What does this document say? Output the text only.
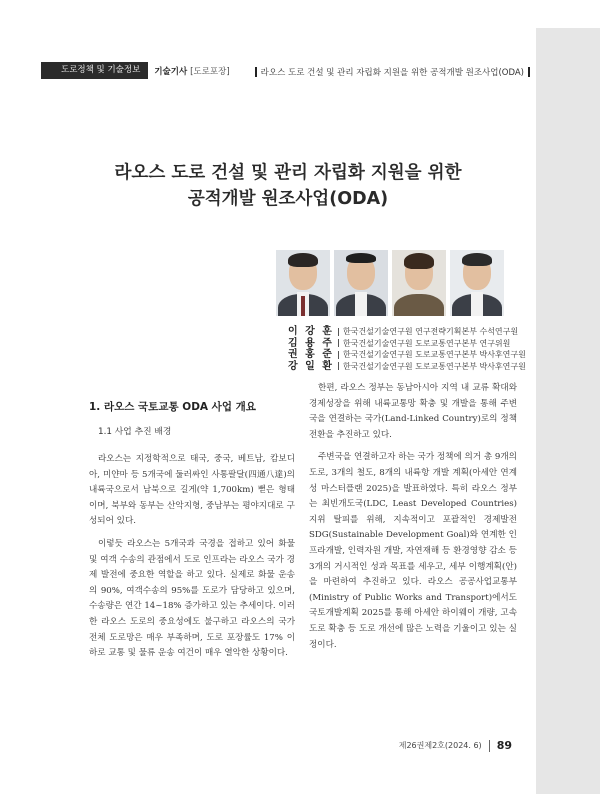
도로정책 및 기술정보	기술기사 [도로포장]	라오스 도로 건설 및 관리 자립화 지원을 위한 공적개발 원조사업(ODA)
라오스 도로 건설 및 관리 자립화 지원을 위한
공적개발 원조사업(ODA)
이 강 훈	한국건설기술연구원 연구전략기획본부 수석연구원
김 용 주	한국건설기술연구원 도로교통연구본부 연구위원
권 홍 준	한국건설기술연구원 도로교통연구본부 박사후연구원
강 일 환	한국건설기술연구원 도로교통연구본부 박사후연구원
1. 라오스 국토교통 ODA 사업 개요
1.1 사업 추진 배경

라오스는 지정학적으로 태국, 중국, 베트남, 캄보디아, 미얀마 등 5개국에 둘러싸인 사통팔달(四通八達)의 내륙국으로서 남북으로 길게(약 1,700km) 뻗은 형태이며, 북부와 동부는 산악지형, 중남부는 평야지대로 구성되어 있다.

이렇듯 라오스는 5개국과 국경을 접하고 있어 화물 및 여객 수송의 관점에서 도로 인프라는 라오스 국가 경제 발전에 중요한 역할을 하고 있다. 실제로 화물 운송의 90%, 여객수송의 95%를 도로가 담당하고 있으며, 수송량은 연간 14~18% 증가하고 있는 추세이다. 이러한 라오스 도로의 중요성에도 불구하고 라오스의 국가 전체 도로망은 매우 부족하며, 도로 포장률도 17% 이하로 교통 및 물류 운송 여건이 매우 열악한 상황이다.

한편, 라오스 정부는 동남아시아 지역 내 교류 확대와 경제성장을 위해 내륙교통망 확충 및 개발을 통해 주변국을 연결하는 국가(Land-Linked Country)로의 정책전환을 추진하고 있다.

주변국을 연결하고자 하는 국가 정책에 의거 총 9개의 도로, 3개의 철도, 8개의 내륙항 개발 계획(아세안 연계성 마스터플랜 2025)을 발표하였다. 특히 라오스 정부는 최빈개도국(LDC, Least Developed Countries) 지위 탈피를 위해, 지속적이고 포괄적인 경제발전 SDG(Sustainable Development Goal)와 연계한 인프라개발, 인력자원 개발, 자연재해 등 환경영향 감소 등 3개의 거시적인 성과 목표를 세우고, 세부 이행계획(안)을 마련하여 추진하고 있다. 라오스 공공사업교통부(Ministry of Public Works and Transport)에서도 국토개발계획 2025를 통해 아세안 하이웨이 개량, 고속도로 확충 등 도로 개선에 많은 노력을 기울이고 있는 실정이다.

제26권제2호(2024. 6) 89
